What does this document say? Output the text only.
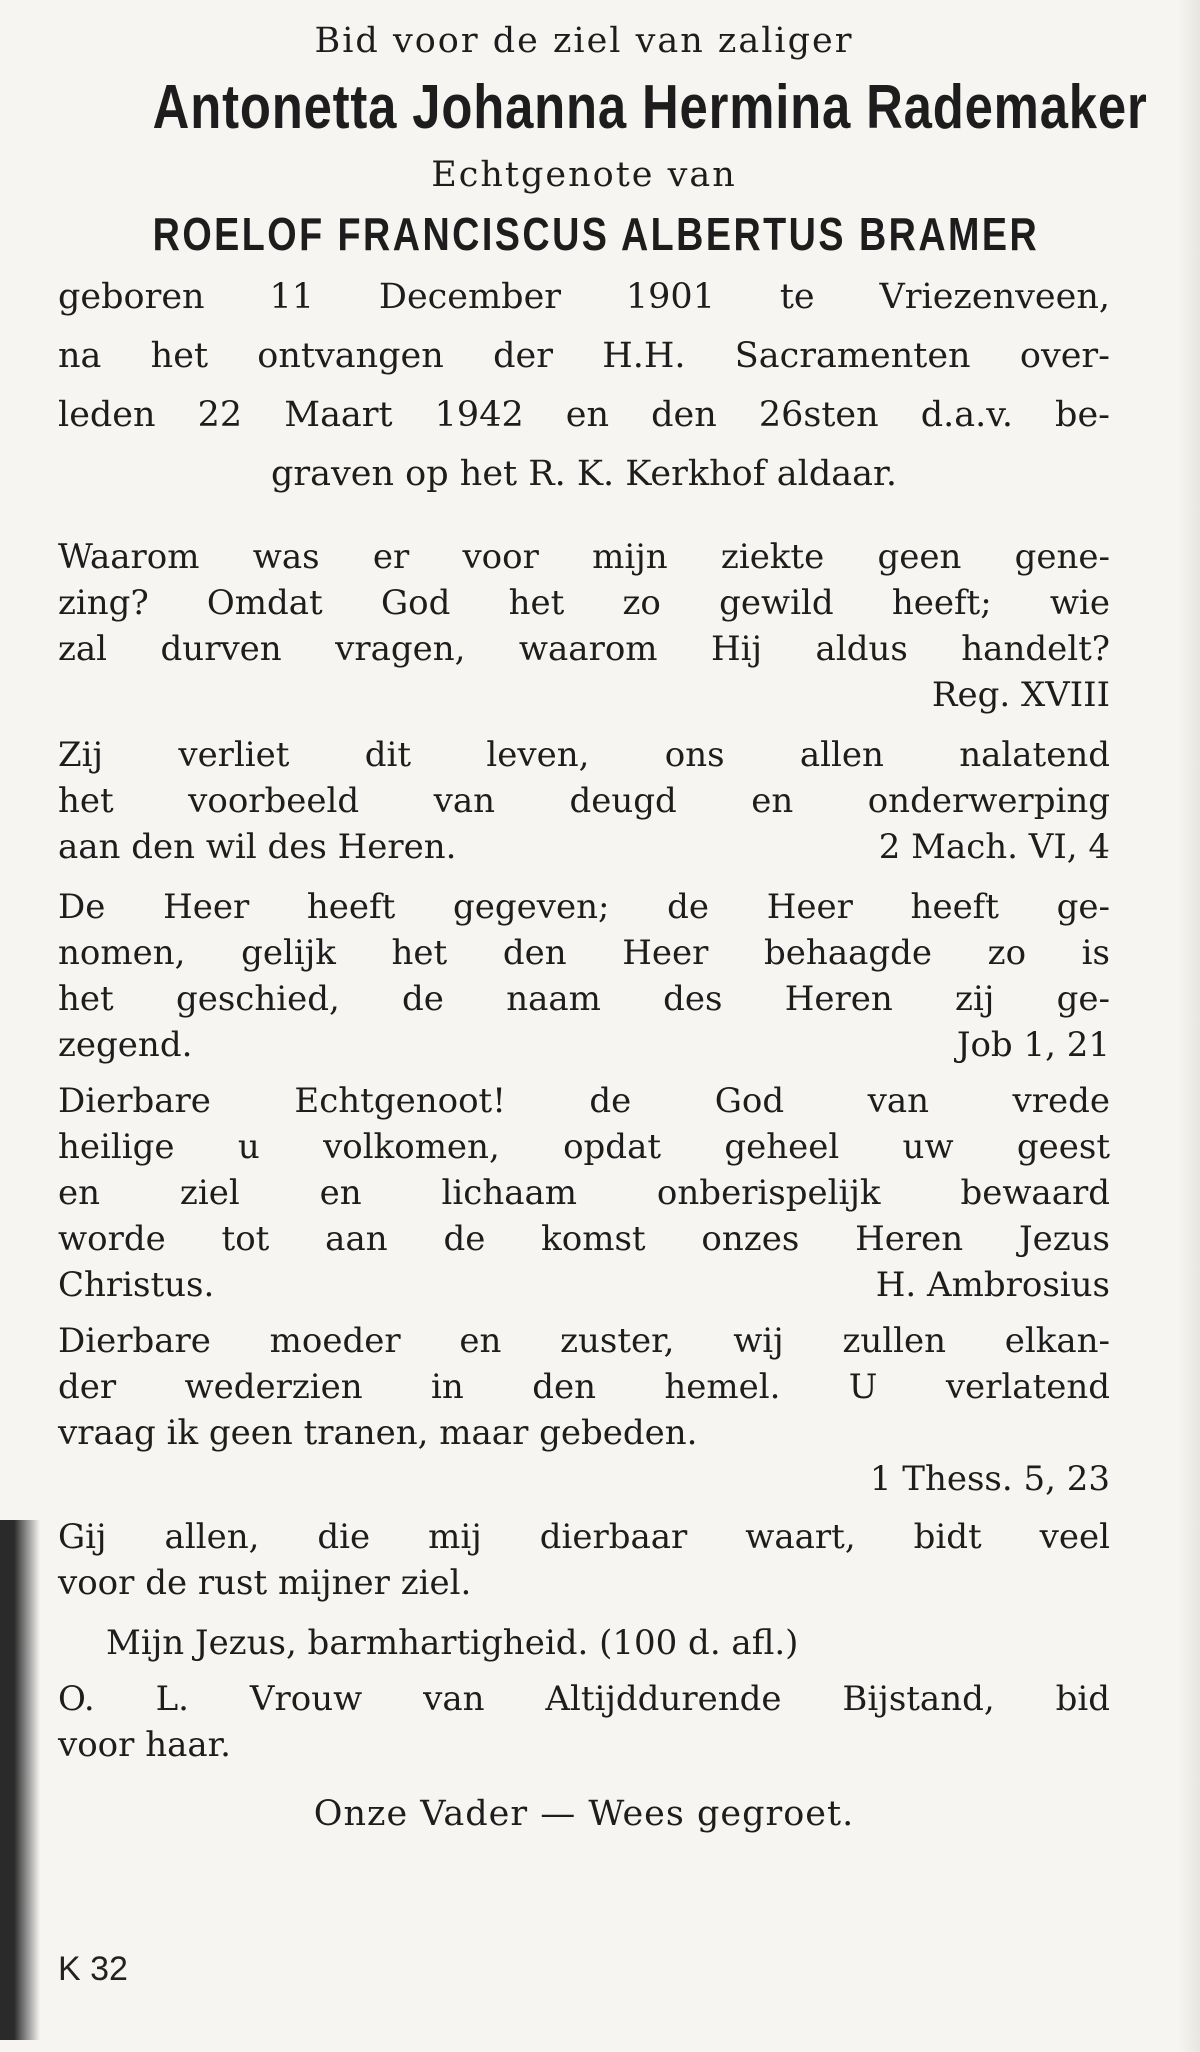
Bid voor de ziel van zaliger
Antonetta Johanna Hermina Rademaker
Echtgenote van
ROELOF FRANCISCUS ALBERTUS BRAMER
geboren 11 December 1901 te Vriezenveen,
na het ontvangen der H.H. Sacramenten over-
leden 22 Maart 1942 en den 26sten d.a.v. be-
graven op het R. K. Kerkhof aldaar.
Waarom was er voor mijn ziekte geen gene-
zing? Omdat God het zo gewild heeft; wie
zal durven vragen, waarom Hij aldus handelt?
Reg. XVIII
Zij verliet dit leven, ons allen nalatend
het voorbeeld van deugd en onderwerping
aan den wil des Heren.	2 Mach. VI, 4
De Heer heeft gegeven; de Heer heeft ge-
nomen, gelijk het den Heer behaagde zo is
het geschied, de naam des Heren zij ge-
zegend.	Job 1, 21
Dierbare Echtgenoot! de God van vrede
heilige u volkomen, opdat geheel uw geest
en ziel en lichaam onberispelijk bewaard
worde tot aan de komst onzes Heren Jezus
Christus.	H. Ambrosius
Dierbare moeder en zuster, wij zullen elkan-
der wederzien in den hemel. U verlatend
vraag ik geen tranen, maar gebeden.
1 Thess. 5, 23
Gij allen, die mij dierbaar waart, bidt veel
voor de rust mijner ziel.
Mijn Jezus, barmhartigheid. (100 d. afl.)
O. L. Vrouw van Altijddurende Bijstand, bid
voor haar.
Onze Vader — Wees gegroet.
K 32
